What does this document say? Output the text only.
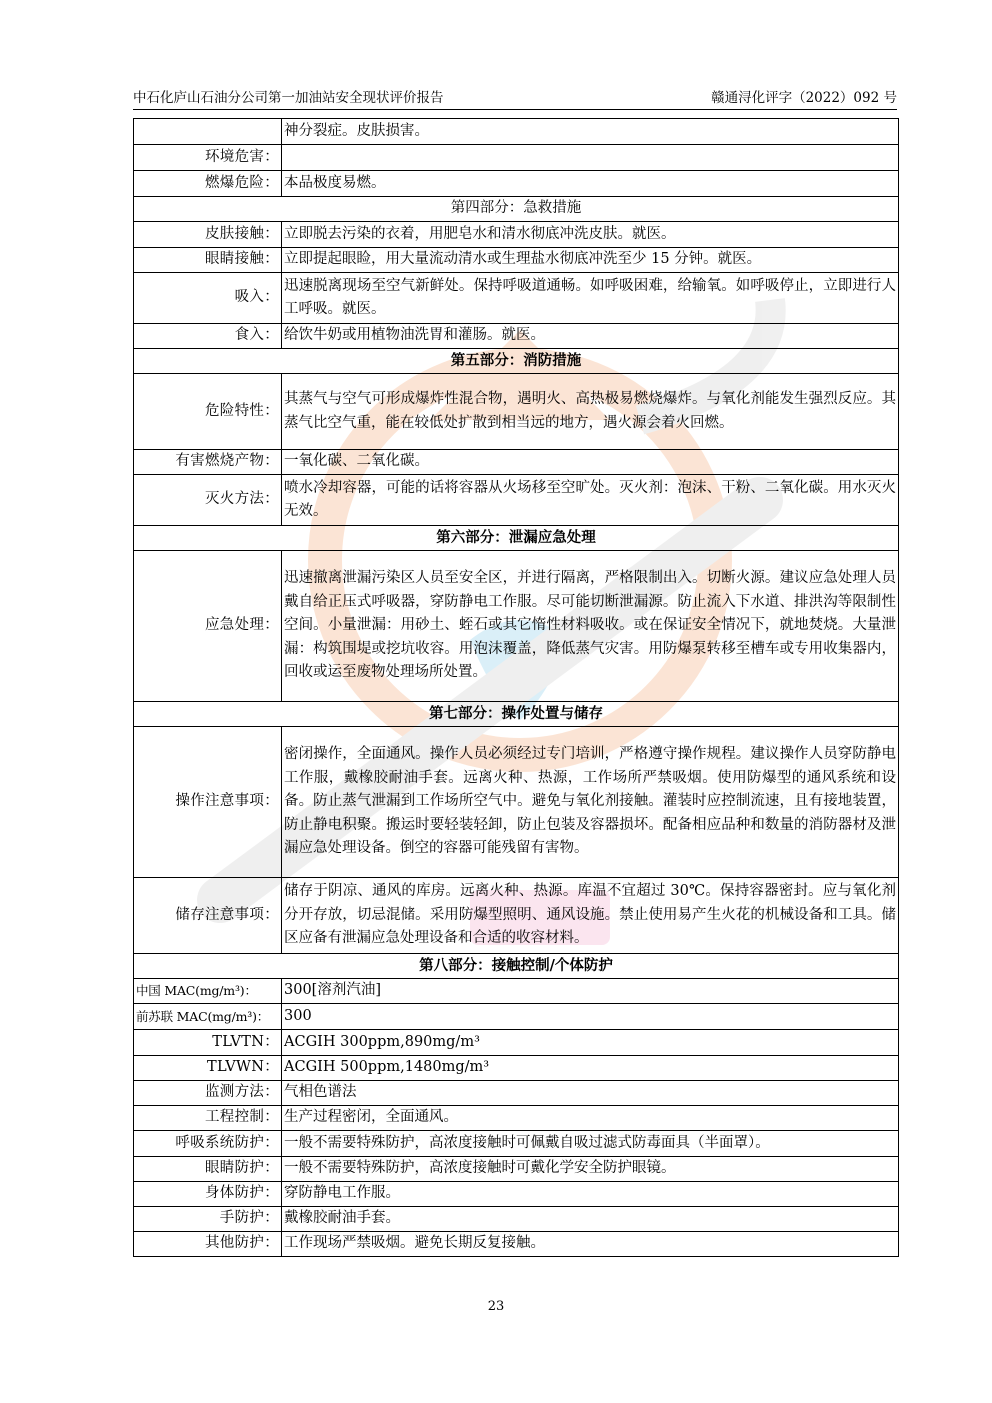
中石化庐山石油分公司第一加油站安全现状评价报告	赣通浔化评字（2022）092 号
	神分裂症。皮肤损害。
环境危害：	
燃爆危险：	本品极度易燃。
第四部分：急救措施	
皮肤接触：	立即脱去污染的衣着，用肥皂水和清水彻底冲洗皮肤。就医。
眼睛接触：	立即提起眼睑，用大量流动清水或生理盐水彻底冲洗至少 15 分钟。就医。
吸入：	迅速脱离现场至空气新鲜处。保持呼吸道通畅。如呼吸困难，给输氧。如呼吸停止，立即进行人工呼吸。就医。
食入：	给饮牛奶或用植物油洗胃和灌肠。就医。
第五部分：消防措施	
危险特性：	其蒸气与空气可形成爆炸性混合物，遇明火、高热极易燃烧爆炸。与氧化剂能发生强烈反应。其蒸气比空气重，能在较低处扩散到相当远的地方，遇火源会着火回燃。
有害燃烧产物：	一氧化碳、二氧化碳。
灭火方法：	喷水冷却容器，可能的话将容器从火场移至空旷处。灭火剂：泡沫、干粉、二氧化碳。用水灭火无效。
第六部分：泄漏应急处理	
应急处理：	迅速撤离泄漏污染区人员至安全区，并进行隔离，严格限制出入。切断火源。建议应急处理人员戴自给正压式呼吸器，穿防静电工作服。尽可能切断泄漏源。防止流入下水道、排洪沟等限制性空间。小量泄漏：用砂土、蛭石或其它惰性材料吸收。或在保证安全情况下，就地焚烧。大量泄漏：构筑围堤或挖坑收容。用泡沫覆盖，降低蒸气灾害。用防爆泵转移至槽车或专用收集器内，回收或运至废物处理场所处置。
第七部分：操作处置与储存	
操作注意事项：	密闭操作，全面通风。操作人员必须经过专门培训，严格遵守操作规程。建议操作人员穿防静电工作服，戴橡胶耐油手套。远离火种、热源，工作场所严禁吸烟。使用防爆型的通风系统和设备。防止蒸气泄漏到工作场所空气中。避免与氧化剂接触。灌装时应控制流速，且有接地装置，防止静电积聚。搬运时要轻装轻卸，防止包装及容器损坏。配备相应品种和数量的消防器材及泄漏应急处理设备。倒空的容器可能残留有害物。
储存注意事项：	储存于阴凉、通风的库房。远离火种、热源。库温不宜超过 30℃。保持容器密封。应与氧化剂分开存放，切忌混储。采用防爆型照明、通风设施。禁止使用易产生火花的机械设备和工具。储区应备有泄漏应急处理设备和合适的收容材料。
第八部分：接触控制/个体防护	
中国 MAC(mg/m³)：	300[溶剂汽油]
前苏联 MAC(mg/m³)：	300
TLVTN：	ACGIH 300ppm,890mg/m³
TLVWN：	ACGIH 500ppm,1480mg/m³
监测方法：	气相色谱法
工程控制：	生产过程密闭，全面通风。
呼吸系统防护：	一般不需要特殊防护，高浓度接触时可佩戴自吸过滤式防毒面具（半面罩）。
眼睛防护：	一般不需要特殊防护，高浓度接触时可戴化学安全防护眼镜。
身体防护：	穿防静电工作服。
手防护：	戴橡胶耐油手套。
其他防护：	工作现场严禁吸烟。避免长期反复接触。
23
